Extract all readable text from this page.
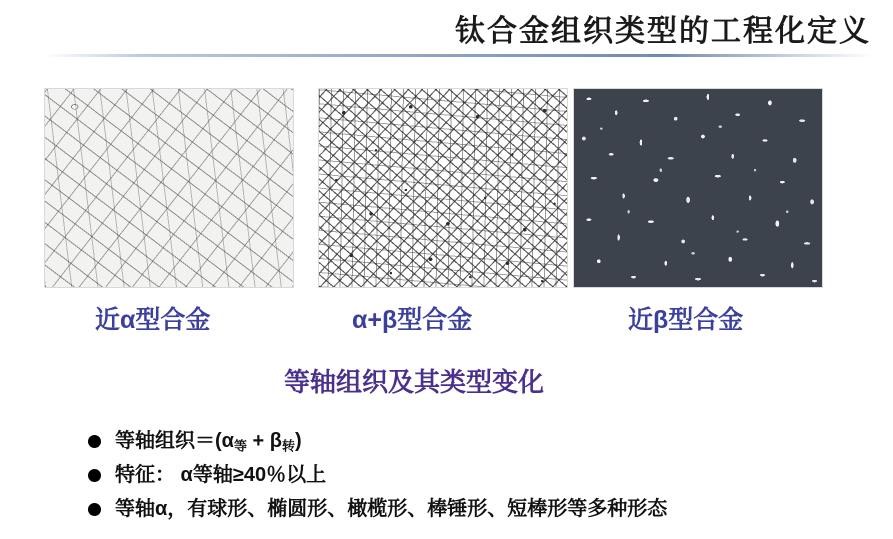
钛合金组织类型的工程化定义
近α型合金	α+β型合金	近β型合金
等轴组织及其类型变化
等轴组织$=(\alpha_等 + \beta_转)$
特征： α等轴≥40％以上
等轴α，有球形、椭圆形、橄榄形、棒锤形、短棒形等多种形态
